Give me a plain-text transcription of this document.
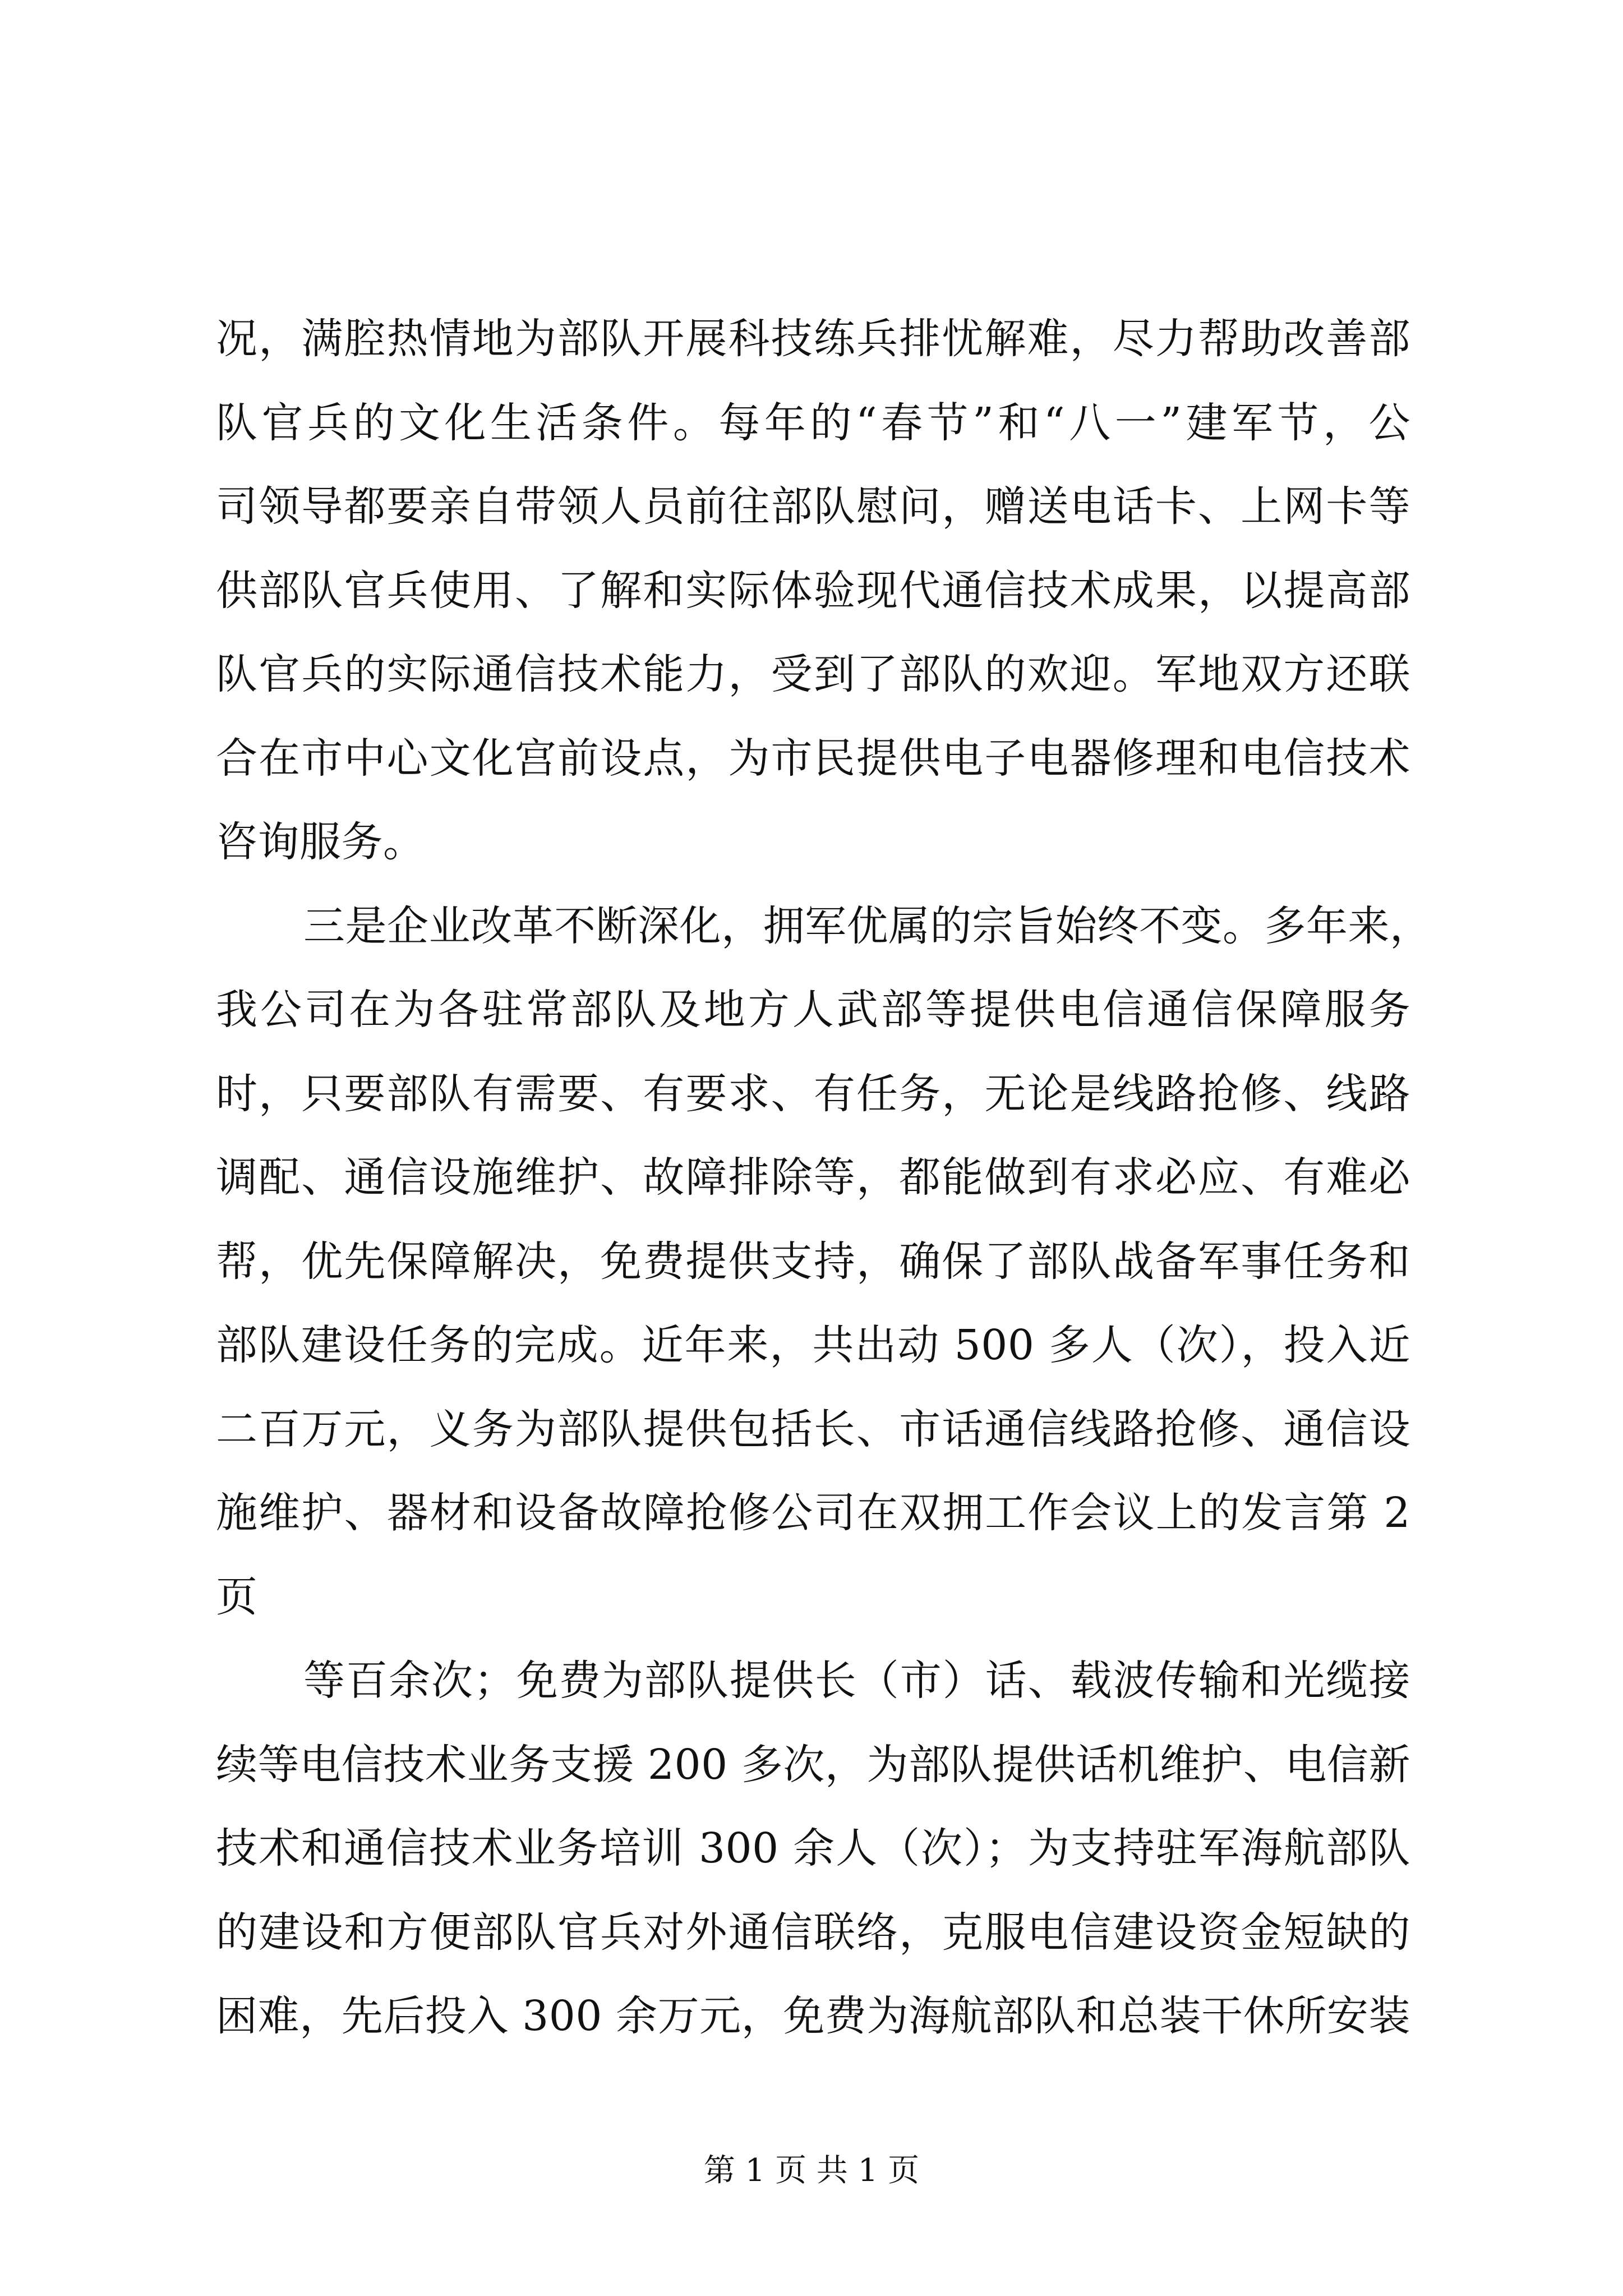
况，满腔热情地为部队开展科技练兵排忧解难，尽力帮助改善部
队官兵的文化生活条件。每年的“春节”和“八一”建军节，公
司领导都要亲自带领人员前往部队慰问，赠送电话卡、上网卡等
供部队官兵使用、了解和实际体验现代通信技术成果，以提高部
队官兵的实际通信技术能力，受到了部队的欢迎。军地双方还联
合在市中心文化宫前设点，为市民提供电子电器修理和电信技术
咨询服务。
三是企业改革不断深化，拥军优属的宗旨始终不变。多年来，
我公司在为各驻常部队及地方人武部等提供电信通信保障服务
时，只要部队有需要、有要求、有任务，无论是线路抢修、线路
调配、通信设施维护、故障排除等，都能做到有求必应、有难必
帮，优先保障解决，免费提供支持，确保了部队战备军事任务和
部队建设任务的完成。近年来，共出动 500 多人（次），投入近
二百万元，义务为部队提供包括长、市话通信线路抢修、通信设
施维护、器材和设备故障抢修公司在双拥工作会议上的发言第 2
页
等百余次；免费为部队提供长（市）话、载波传输和光缆接
续等电信技术业务支援 200 多次，为部队提供话机维护、电信新
技术和通信技术业务培训 300 余人（次）；为支持驻军海航部队
的建设和方便部队官兵对外通信联络，克服电信建设资金短缺的
困难，先后投入 300 余万元，免费为海航部队和总装干休所安装
第 1 页 共 1 页
